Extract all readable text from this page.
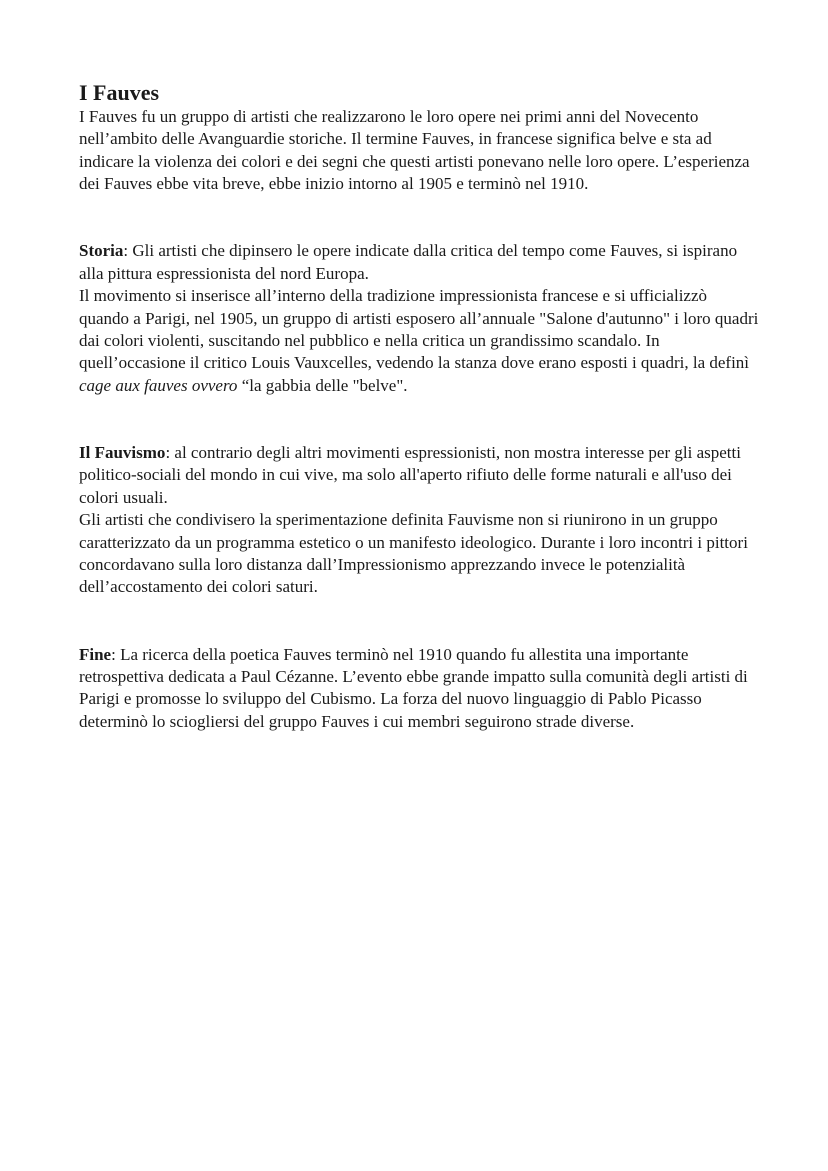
I Fauves

I Fauves fu un gruppo di artisti che realizzarono le loro opere nei primi anni del Novecento nell’ambito delle Avanguardie storiche. Il termine Fauves, in francese significa belve e sta ad indicare la violenza dei colori e dei segni che questi artisti ponevano nelle loro opere. L’esperienza dei Fauves ebbe vita breve, ebbe inizio intorno al 1905 e terminò nel 1910.

Storia: Gli artisti che dipinsero le opere indicate dalla critica del tempo come Fauves, si ispirano alla pittura espressionista del nord Europa.

Il movimento si inserisce all’interno della tradizione impressionista francese e si ufficializzò quando a Parigi, nel 1905, un gruppo di artisti esposero all’annuale "Salone d'autunno" i loro quadri dai colori violenti, suscitando nel pubblico e nella critica un grandissimo scandalo. In quell’occasione il critico Louis Vauxcelles, vedendo la stanza dove erano esposti i quadri, la definì cage aux fauves ovvero “la gabbia delle "belve".

Il Fauvismo: al contrario degli altri movimenti espressionisti, non mostra interesse per gli aspetti politico-sociali del mondo in cui vive, ma solo all'aperto rifiuto delle forme naturali e all'uso dei colori usuali.

Gli artisti che condivisero la sperimentazione definita Fauvisme non si riunirono in un gruppo caratterizzato da un programma estetico o un manifesto ideologico. Durante i loro incontri i pittori concordavano sulla loro distanza dall’Impressionismo apprezzando invece le potenzialità dell’accostamento dei colori saturi.

Fine: La ricerca della poetica Fauves terminò nel 1910 quando fu allestita una importante retrospettiva dedicata a Paul Cézanne. L’evento ebbe grande impatto sulla comunità degli artisti di Parigi e promosse lo sviluppo del Cubismo. La forza del nuovo linguaggio di Pablo Picasso determinò lo sciogliersi del gruppo Fauves i cui membri seguirono strade diverse.
